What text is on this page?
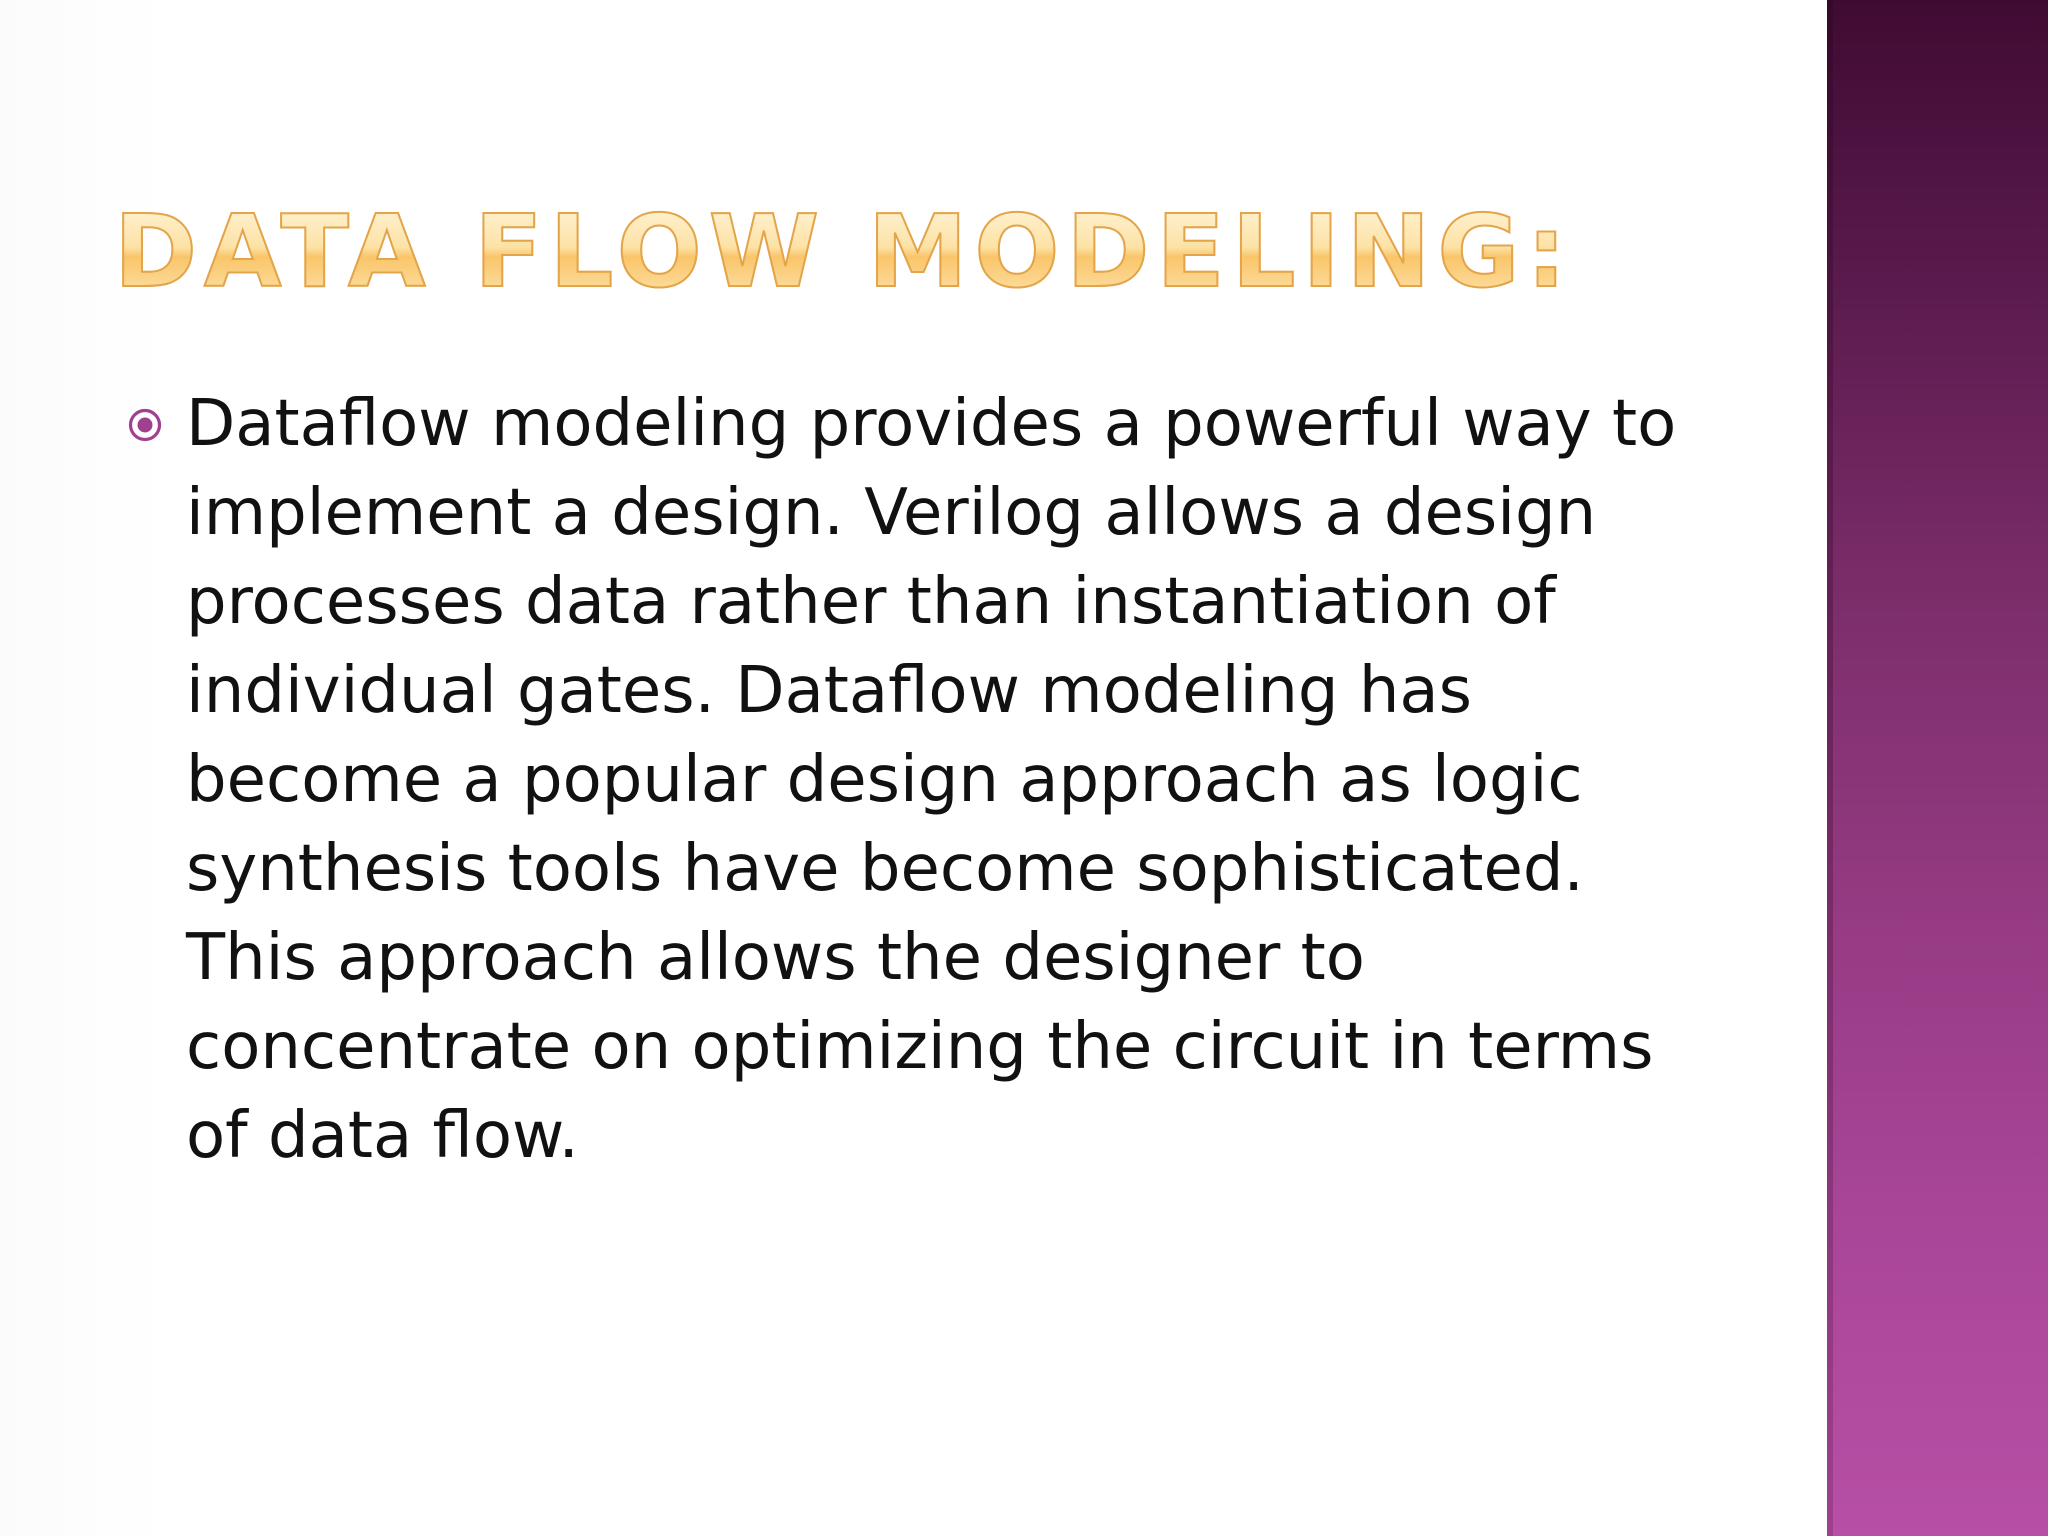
DATA FLOW MODELING:

Dataflow modeling provides a powerful way to implement a design. Verilog allows a design processes data rather than instantiation of individual gates. Dataflow modeling has become a popular design approach as logic synthesis tools have become sophisticated. This approach allows the designer to concentrate on optimizing the circuit in terms of data flow.
